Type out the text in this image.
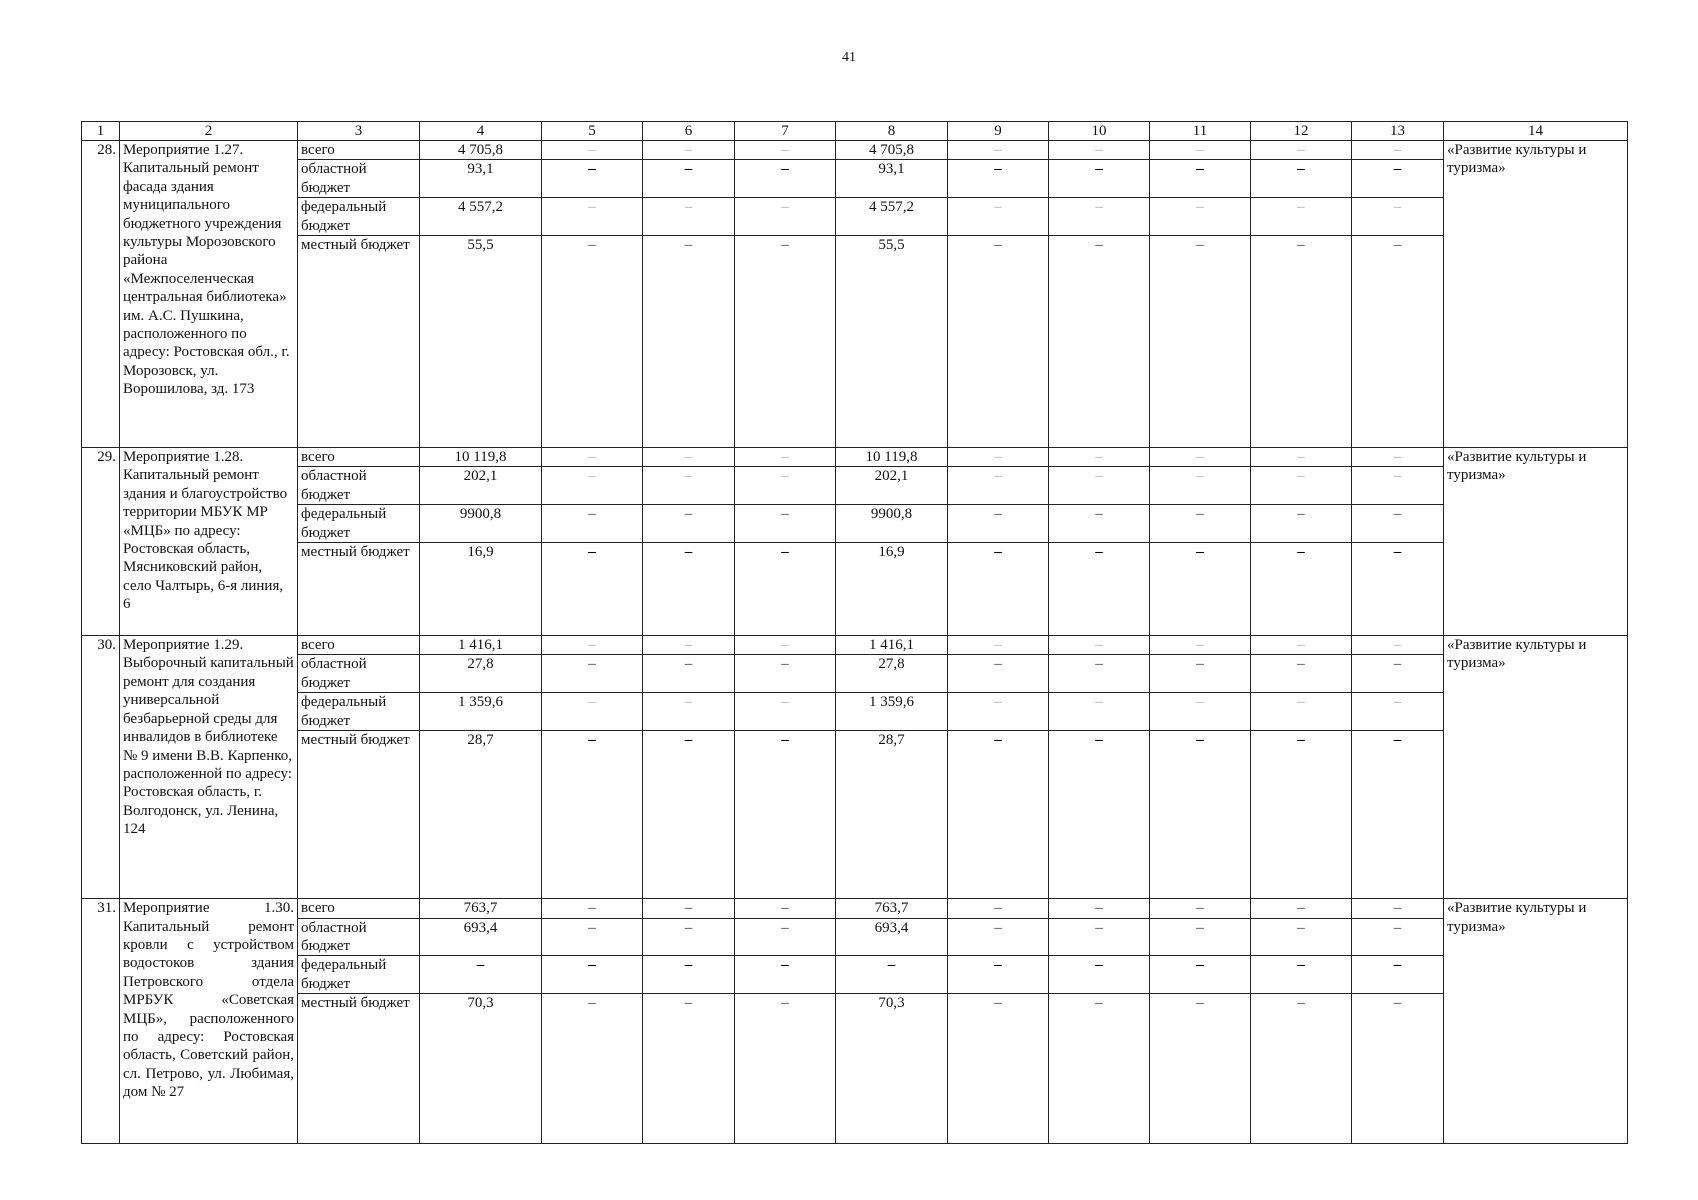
41
1	2	3	4	5	6	7	8	9	10	11	12	13	14
28.	Мероприятие 1.27. Капитальный ремонт фасада здания муниципального бюджетного учреждения культуры Морозовского района «Межпоселенческая центральная библиотека» им. А.С. Пушкина, расположенного по адресу: Ростовская обл., г. Морозовск, ул. Ворошилова, зд. 173	всего	4 705,8	–	–	–	4 705,8	–	–	–	–	–	«Развитие культуры и туризма»
		областной бюджет	93,1	–	–	–	93,1	–	–	–	–	–	
		федеральный бюджет	4 557,2	–	–	–	4 557,2	–	–	–	–	–	
		местный бюджет	55,5	–	–	–	55,5	–	–	–	–	–	
29.	Мероприятие 1.28. Капитальный ремонт здания и благоустройство территории МБУК МР «МЦБ» по адресу: Ростовская область, Мясниковский район, село Чалтырь, 6-я линия, 6	всего	10 119,8	–	–	–	10 119,8	–	–	–	–	–	«Развитие культуры и туризма»
		областной бюджет	202,1	–	–	–	202,1	–	–	–	–	–	
		федеральный бюджет	9900,8	–	–	–	9900,8	–	–	–	–	–	
		местный бюджет	16,9	–	–	–	16,9	–	–	–	–	–	
30.	Мероприятие 1.29. Выборочный капитальный ремонт для создания универсальной безбарьерной среды для инвалидов в библиотеке № 9 имени В.В. Карпенко, расположенной по адресу: Ростовская область, г. Волгодонск, ул. Ленина, 124	всего	1 416,1	–	–	–	1 416,1	–	–	–	–	–	«Развитие культуры и туризма»
		областной бюджет	27,8	–	–	–	27,8	–	–	–	–	–	
		федеральный бюджет	1 359,6	–	–	–	1 359,6	–	–	–	–	–	
		местный бюджет	28,7	–	–	–	28,7	–	–	–	–	–	
31.	Мероприятие 1.30. Капитальный ремонт кровли с устройством водостоков здания Петровского отдела МРБУК «Советская МЦБ», расположенного по адресу: Ростовская область, Советский район, сл. Петрово, ул. Любимая, дом № 27	всего	763,7	–	–	–	763,7	–	–	–	–	–	«Развитие культуры и туризма»
		областной бюджет	693,4	–	–	–	693,4	–	–	–	–	–	
		федеральный бюджет	–	–	–	–	–	–	–	–	–	–	
		местный бюджет	70,3	–	–	–	70,3	–	–	–	–	–	
